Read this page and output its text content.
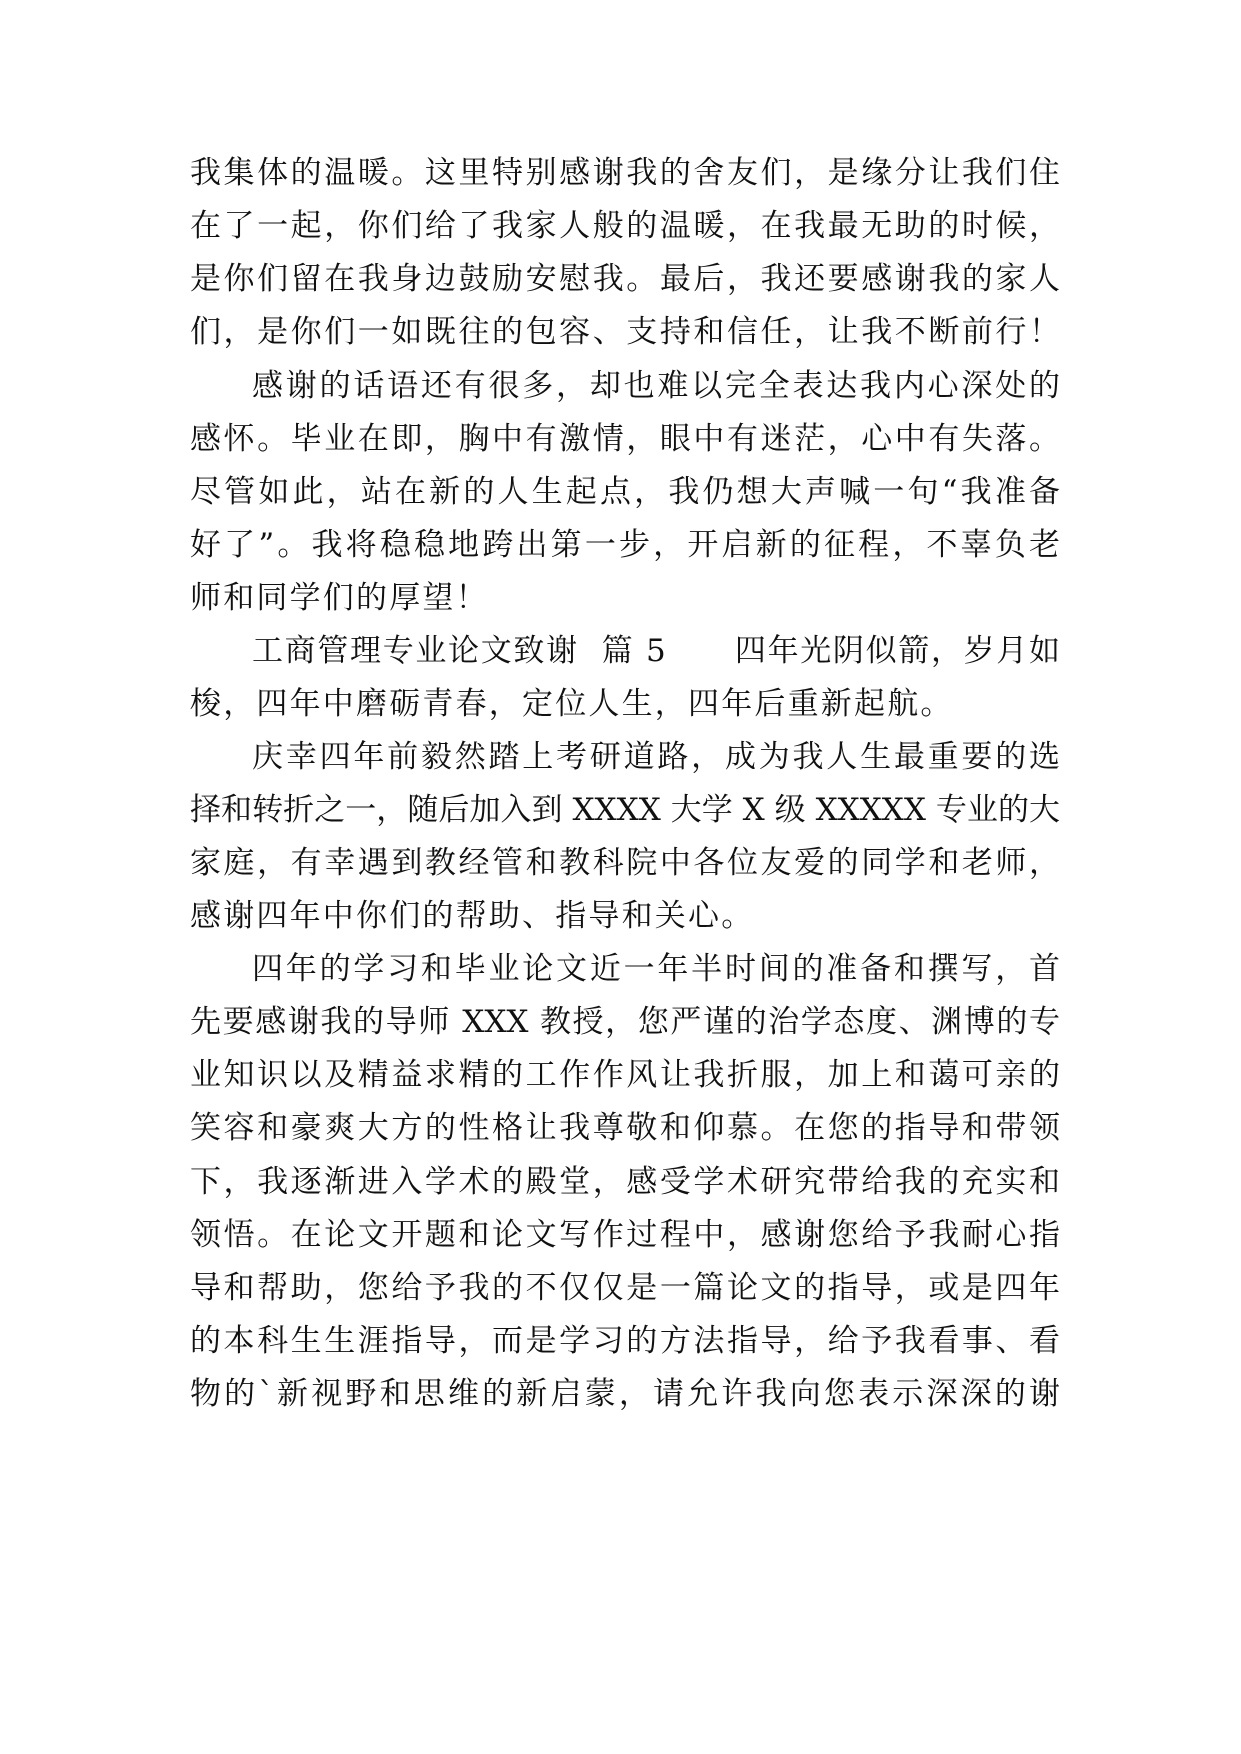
我集体的温暖。这里特别感谢我的舍友们，是缘分让我们住
在了一起，你们给了我家人般的温暖，在我最无助的时候，
是你们留在我身边鼓励安慰我。最后，我还要感谢我的家人
们，是你们一如既往的包容、支持和信任，让我不断前行！
感谢的话语还有很多，却也难以完全表达我内心深处的
感怀。毕业在即，胸中有激情，眼中有迷茫，心中有失落。
尽管如此，站在新的人生起点，我仍想大声喊一句“我准备
好了”。我将稳稳地跨出第一步，开启新的征程，不辜负老
师和同学们的厚望！
工商管理专业论文致谢  篇 5      四年光阴似箭，岁月如
梭，四年中磨砺青春，定位人生，四年后重新起航。
庆幸四年前毅然踏上考研道路，成为我人生最重要的选
择和转折之一，随后加入到 XXXX 大学 X 级 XXXXX 专业的大
家庭，有幸遇到教经管和教科院中各位友爱的同学和老师，
感谢四年中你们的帮助、指导和关心。
四年的学习和毕业论文近一年半时间的准备和撰写，首
先要感谢我的导师 XXX 教授，您严谨的治学态度、渊博的专
业知识以及精益求精的工作作风让我折服，加上和蔼可亲的
笑容和豪爽大方的性格让我尊敬和仰慕。在您的指导和带领
下，我逐渐进入学术的殿堂，感受学术研究带给我的充实和
领悟。在论文开题和论文写作过程中，感谢您给予我耐心指
导和帮助，您给予我的不仅仅是一篇论文的指导，或是四年
的本科生生涯指导，而是学习的方法指导，给予我看事、看
物的`新视野和思维的新启蒙，请允许我向您表示深深的谢
